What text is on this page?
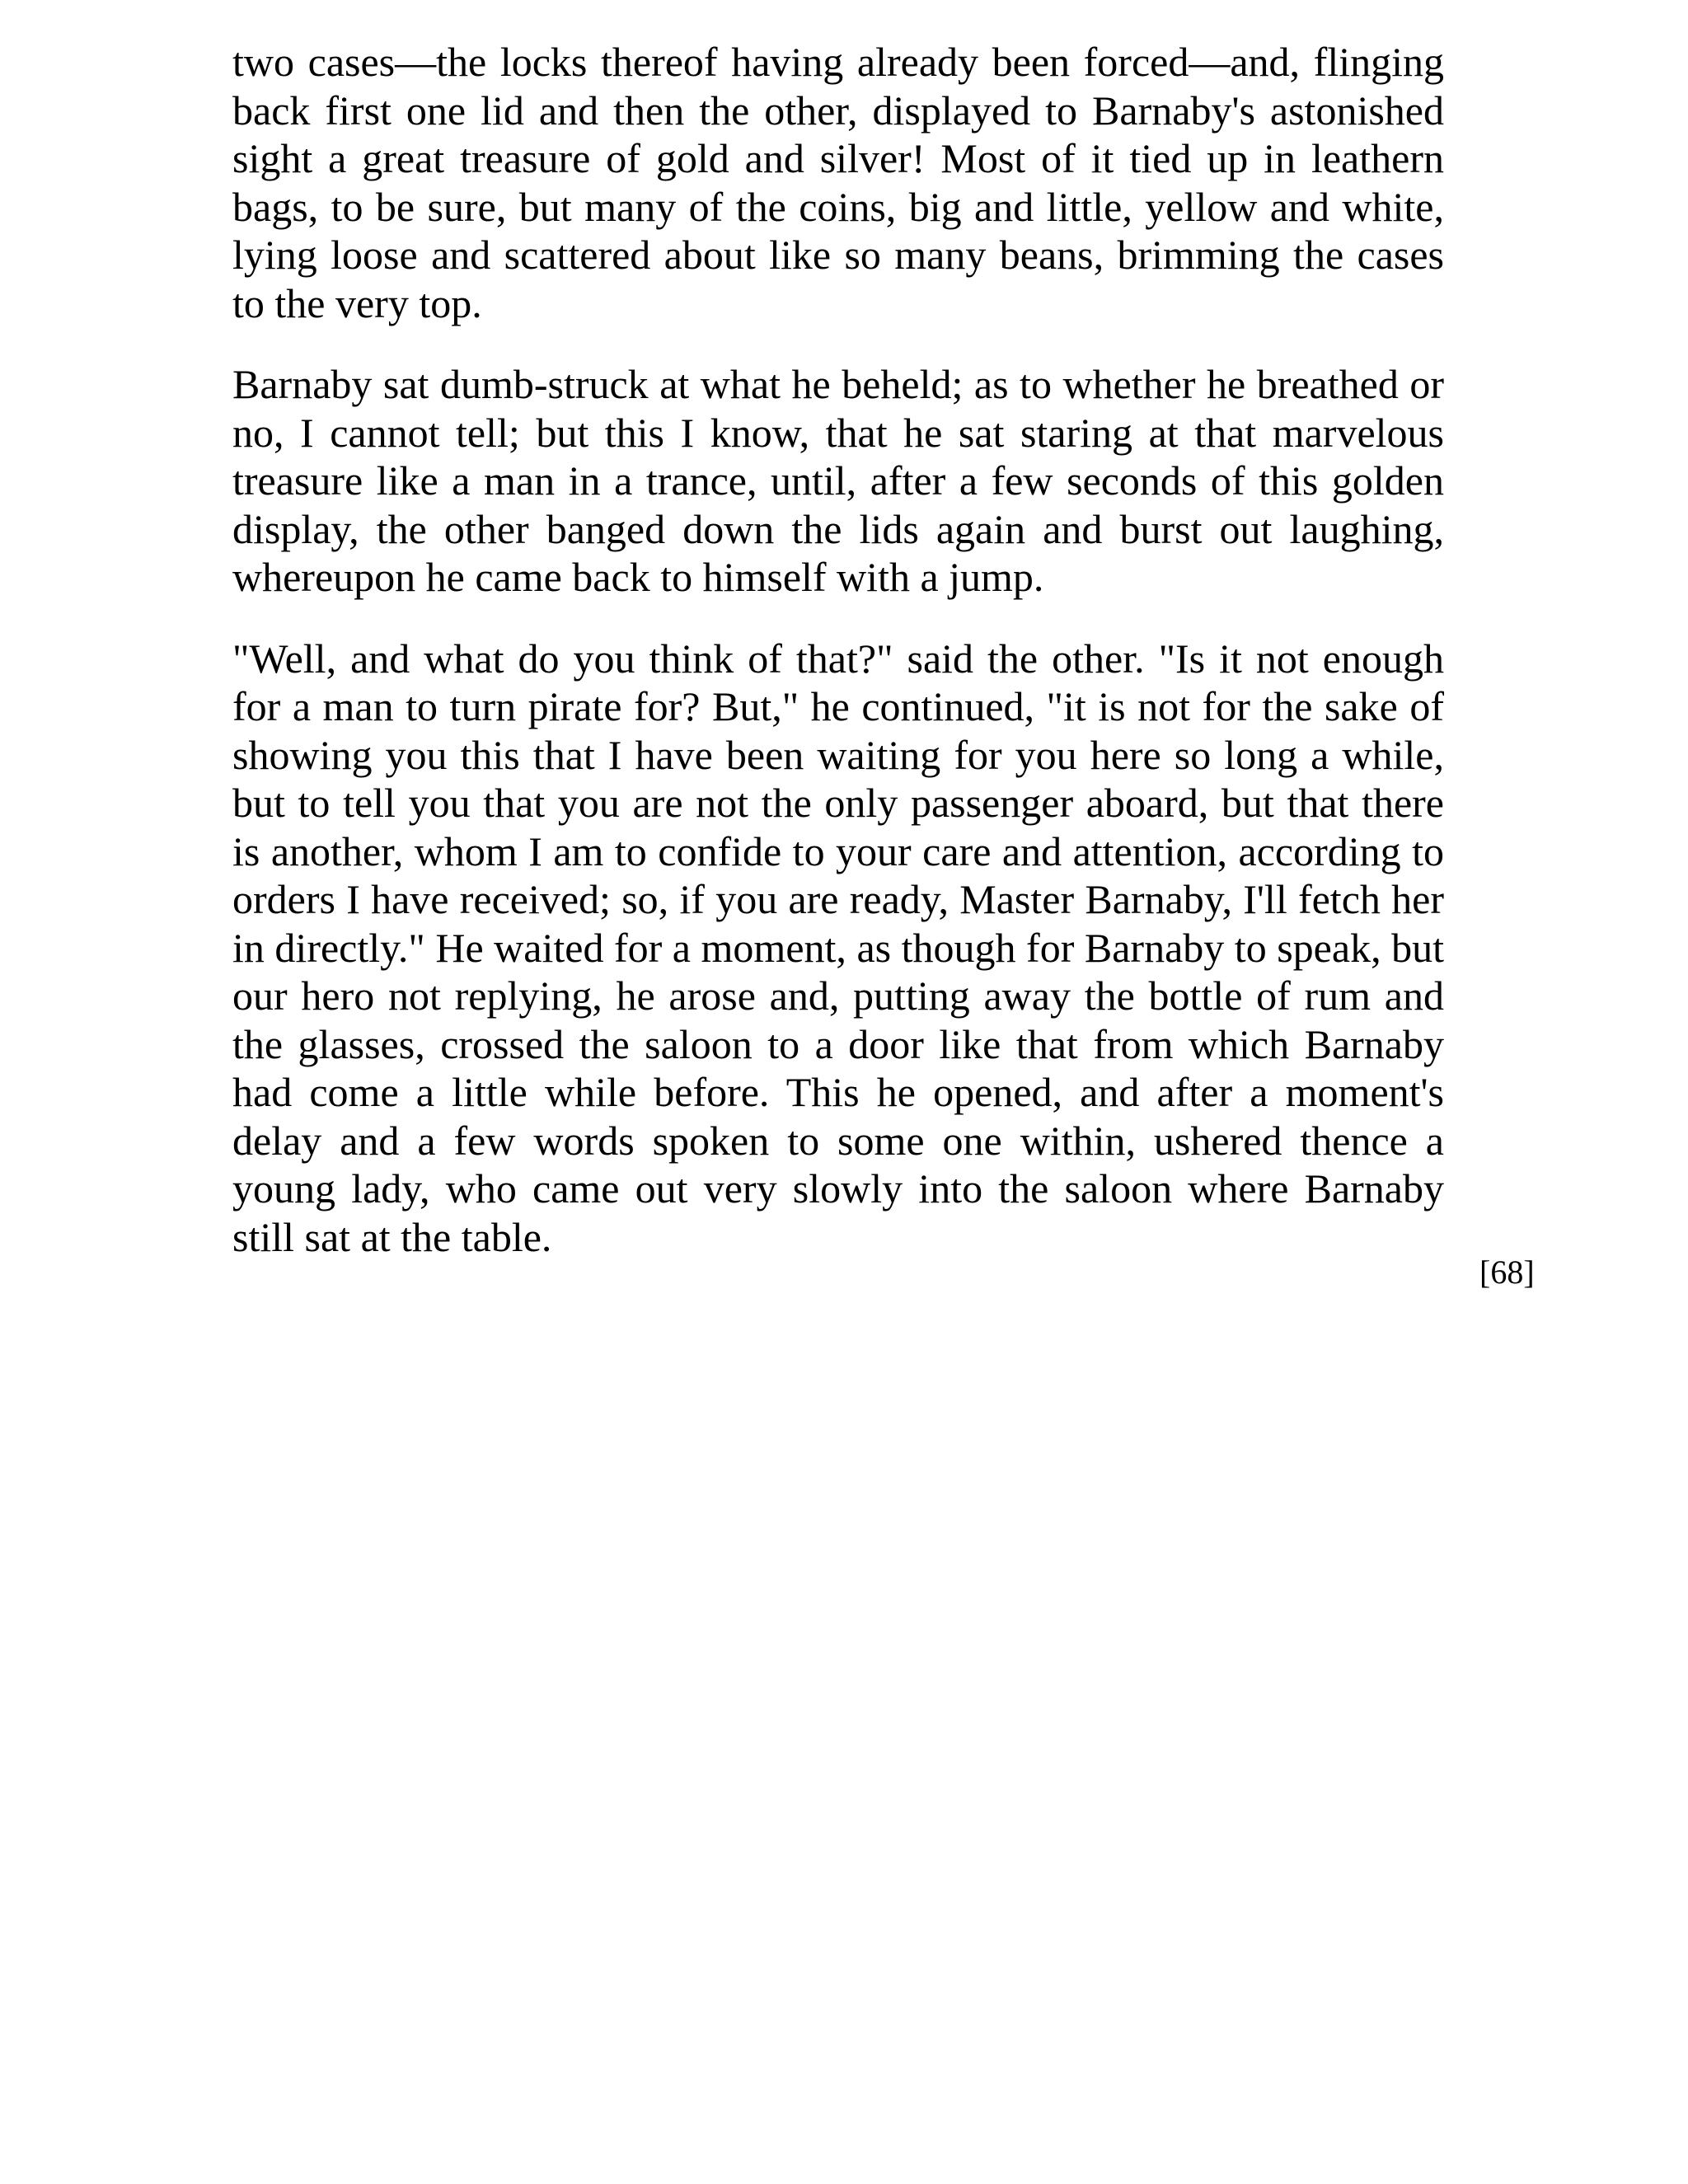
two cases—the locks thereof having already been forced—and, flinging back first one lid and then the other, displayed to Barnaby's astonished sight a great treasure of gold and silver! Most of it tied up in leathern bags, to be sure, but many of the coins, big and little, yellow and white, lying loose and scattered about like so many beans, brimming the cases to the very top.

Barnaby sat dumb-struck at what he beheld; as to whether he breathed or no, I cannot tell; but this I know, that he sat staring at that marvelous treasure like a man in a trance, until, after a few seconds of this golden display, the other banged down the lids again and burst out laughing, whereupon he came back to himself with a jump.

"Well, and what do you think of that?" said the other. "Is it not enough for a man to turn pirate for? But," he continued, "it is not for the sake of showing you this that I have been waiting for you here so long a while, but to tell you that you are not the only passenger aboard, but that there is another, whom I am to confide to your care and attention, according to orders I have received; so, if you are ready, Master Barnaby, I'll fetch her in directly." He waited for a moment, as though for Barnaby to speak, but our hero not replying, he arose and, putting away the bottle of rum and the glasses, crossed the saloon to a door like that from which Barnaby had come a little while before. This he opened, and after a moment's delay and a few words spoken to some one within, ushered thence a young lady, who came out very slowly into the saloon where Barnaby still sat at the table.

[68]
